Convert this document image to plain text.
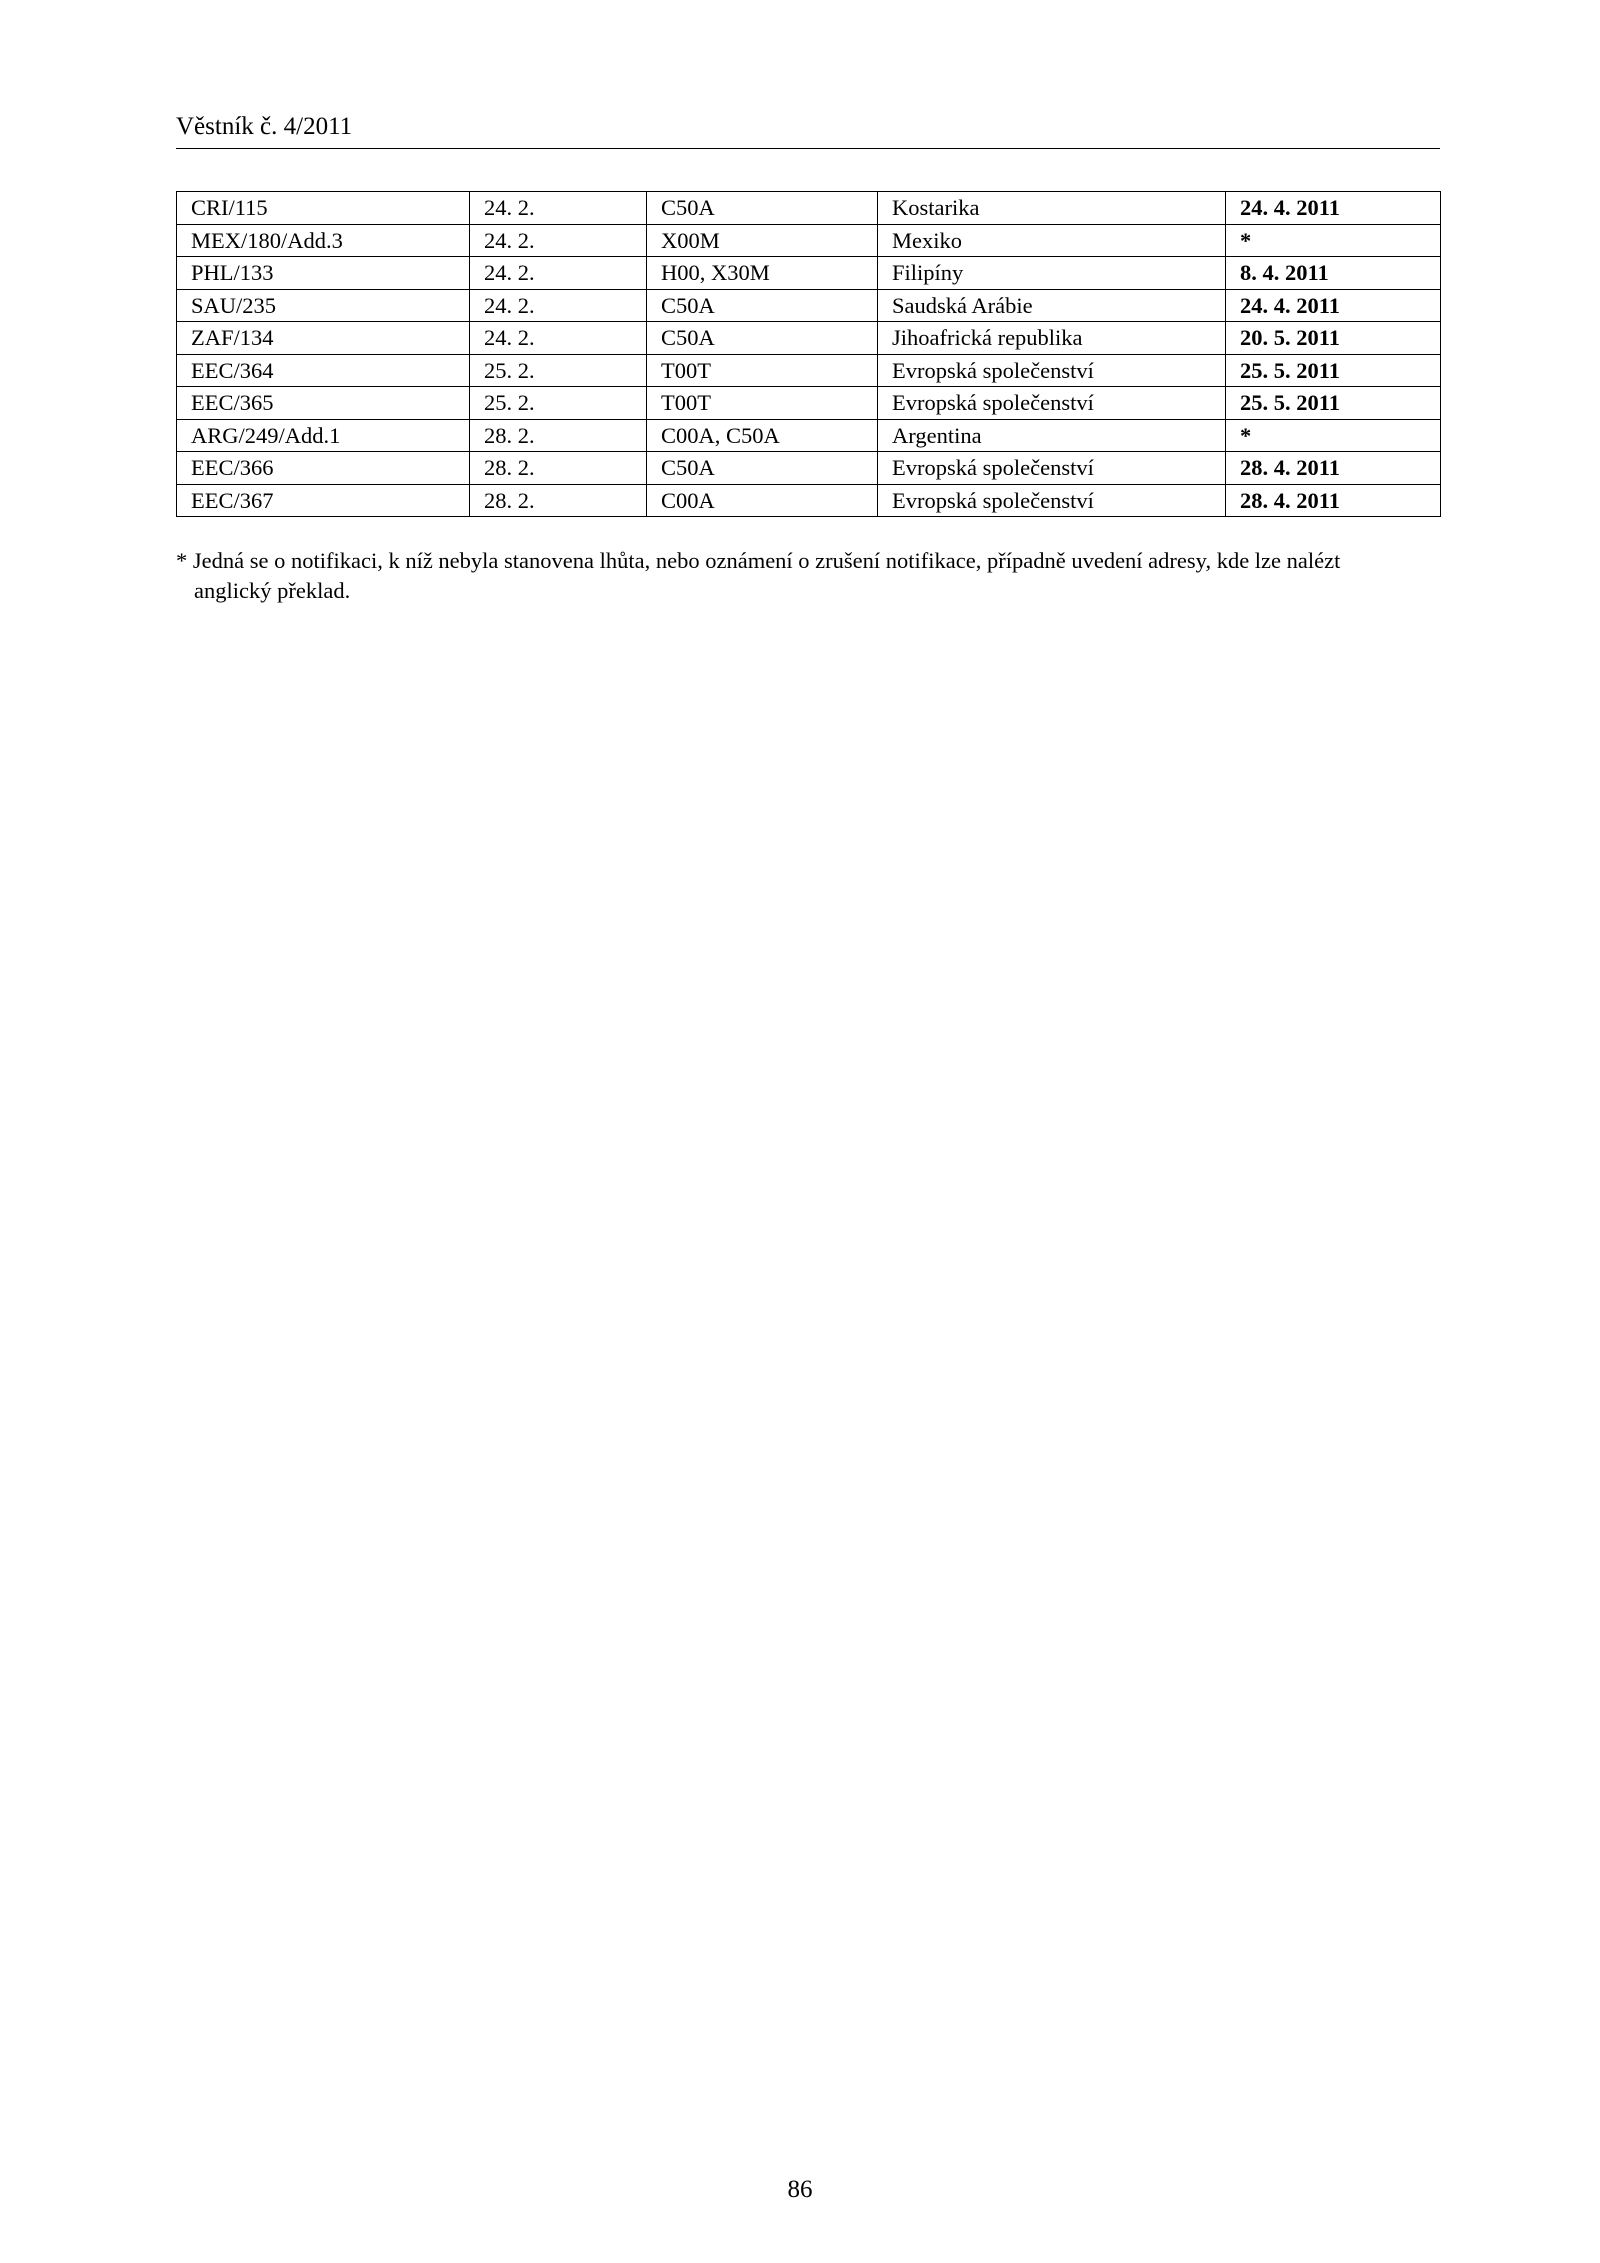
Věstník č. 4/2011
CRI/115	24. 2.	C50A	Kostarika	24. 4. 2011
MEX/180/Add.3	24. 2.	X00M	Mexiko	*
PHL/133	24. 2.	H00, X30M	Filipíny	8. 4. 2011
SAU/235	24. 2.	C50A	Saudská Arábie	24. 4. 2011
ZAF/134	24. 2.	C50A	Jihoafrická republika	20. 5. 2011
EEC/364	25. 2.	T00T	Evropská společenství	25. 5. 2011
EEC/365	25. 2.	T00T	Evropská společenství	25. 5. 2011
ARG/249/Add.1	28. 2.	C00A, C50A	Argentina	*
EEC/366	28. 2.	C50A	Evropská společenství	28. 4. 2011
EEC/367	28. 2.	C00A	Evropská společenství	28. 4. 2011
* Jedná se o notifikaci, k níž nebyla stanovena lhůta, nebo oznámení o zrušení notifikace, případně uvedení adresy, kde lze nalézt
anglický překlad.
86
